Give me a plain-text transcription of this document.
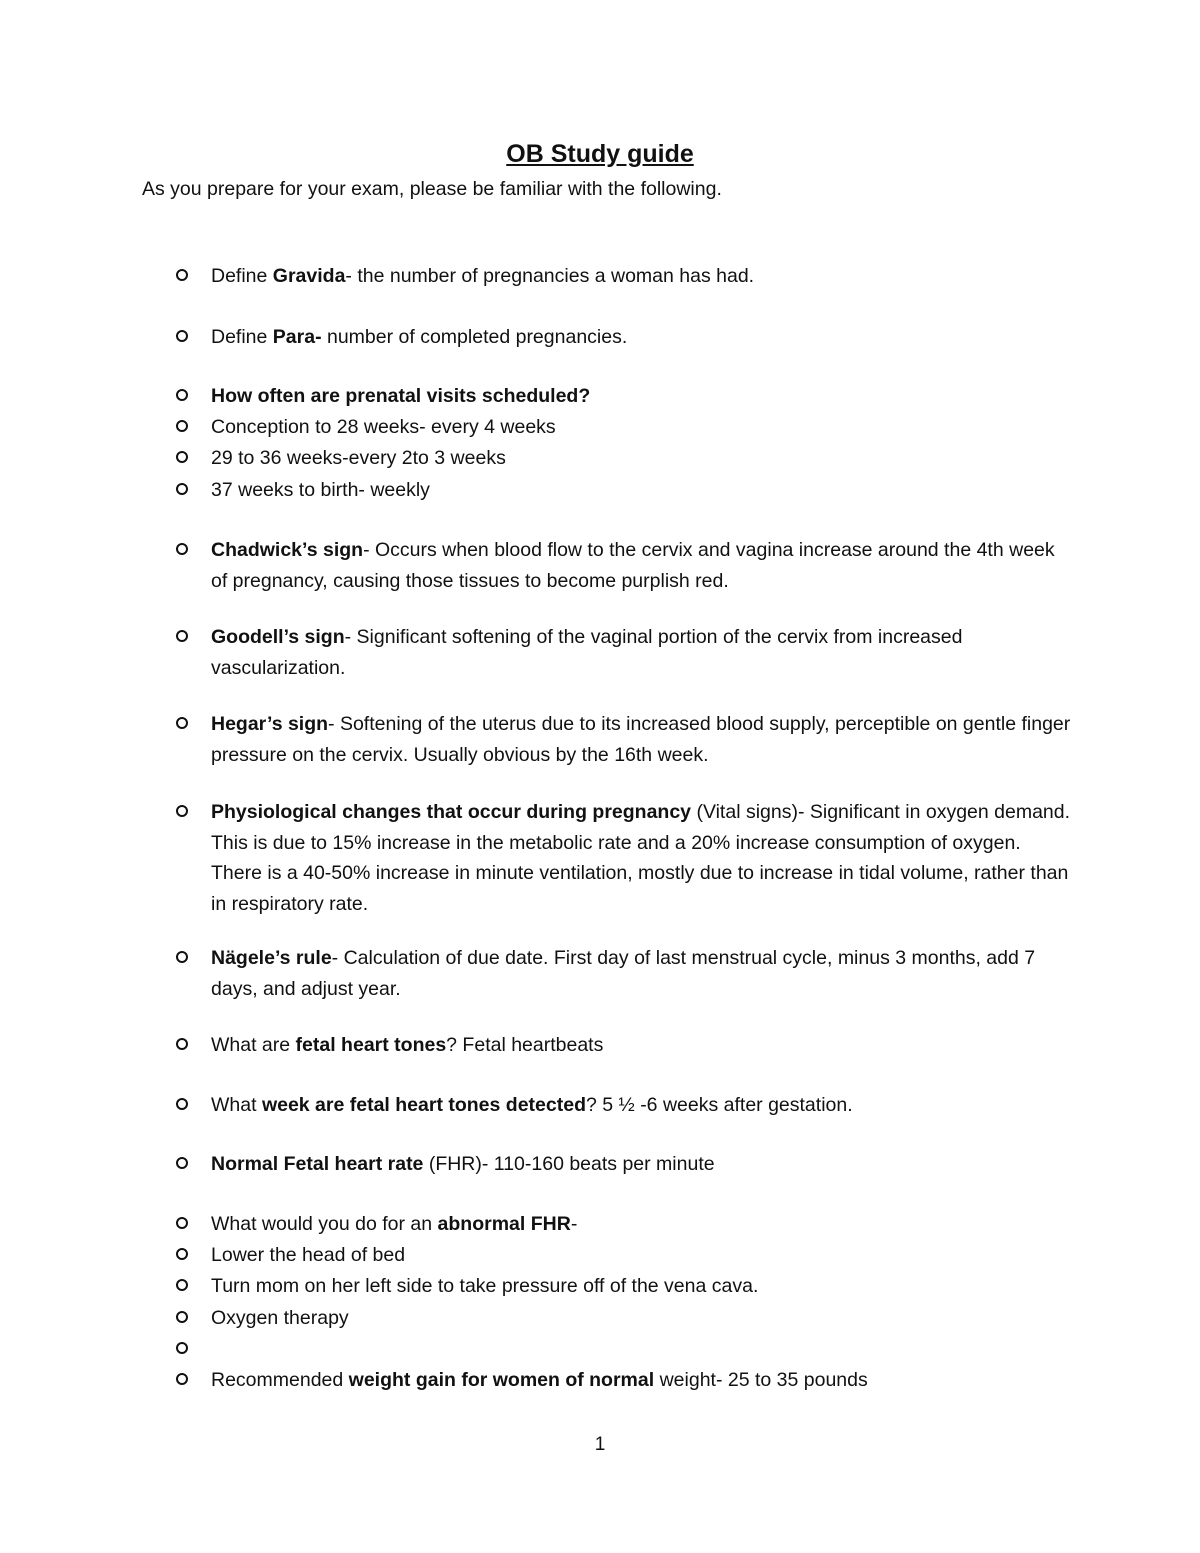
OB Study guide

As you prepare for your exam, please be familiar with the following.

Define Gravida- the number of pregnancies a woman has had.

Define Para- number of completed pregnancies.

How often are prenatal visits scheduled?

Conception to 28 weeks- every 4 weeks

29 to 36 weeks-every 2to 3 weeks

37 weeks to birth- weekly

Chadwick’s sign- Occurs when blood flow to the cervix and vagina increase around the 4th week of pregnancy, causing those tissues to become purplish red.

Goodell’s sign- Significant softening of the vaginal portion of the cervix from increased vascularization.

Hegar’s sign- Softening of the uterus due to its increased blood supply, perceptible on gentle finger pressure on the cervix. Usually obvious by the 16th week.

Physiological changes that occur during pregnancy (Vital signs)- Significant in oxygen demand. This is due to 15% increase in the metabolic rate and a 20% increase consumption of oxygen. There is a 40-50% increase in minute ventilation, mostly due to increase in tidal volume, rather than in respiratory rate.

Nägele’s rule- Calculation of due date. First day of last menstrual cycle, minus 3 months, add 7 days, and adjust year.

What are fetal heart tones? Fetal heartbeats

What week are fetal heart tones detected? 5 ½ -6 weeks after gestation.

Normal Fetal heart rate (FHR)- 110-160 beats per minute

What would you do for an abnormal FHR-

Lower the head of bed

Turn mom on her left side to take pressure off of the vena cava.

Oxygen therapy

Recommended weight gain for women of normal weight- 25 to 35 pounds

1
